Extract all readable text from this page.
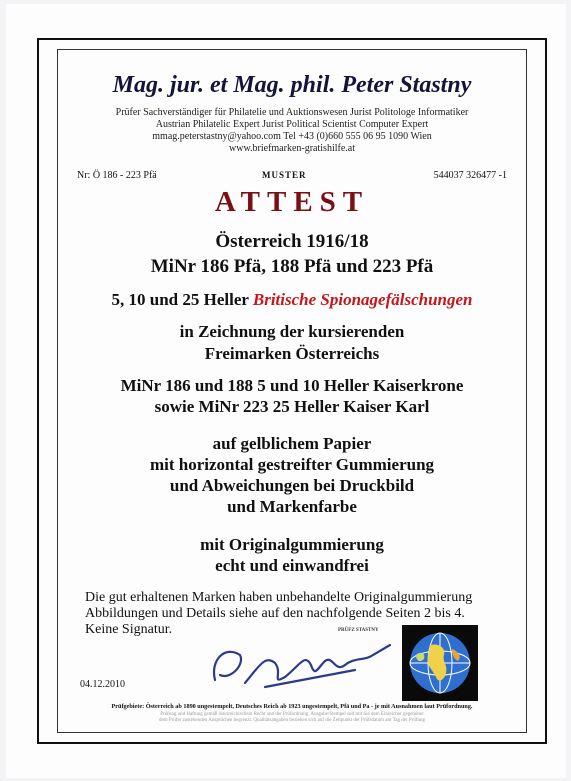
Mag. jur. et Mag. phil. Peter Stastny
Prüfer Sachverständiger für Philatelie und Auktionswesen Jurist Politologe Informatiker
Austrian Philatelic Expert Jurist Political Scientist Computer Expert
mmag.peterstastny@yahoo.com Tel +43 (0)660 555 06 95 1090 Wien
www.briefmarken-gratishilfe.at
Nr: Ö 186 - 223 Pfä	MUSTER	544037 326477 -1
ATTEST
Österreich 1916/18
MiNr 186 Pfä, 188 Pfä und 223 Pfä
5, 10 und 25 Heller Britische Spionagefälschungen
in Zeichnung der kursierenden
Freimarken Österreichs
MiNr 186 und 188 5 und 10 Heller Kaiserkrone
sowie MiNr 223 25 Heller Kaiser Karl
auf gelblichem Papier
mit horizontal gestreifter Gummierung
und Abweichungen bei Druckbild
und Markenfarbe
mit Originalgummierung
echt und einwandfrei
Die gut erhaltenen Marken haben unbehandelte Originalgummierung
Abbildungen und Details siehe auf den nachfolgende Seiten 2 bis 4.
Keine Signatur.
04.12.2010
PRÜFZ STASTNY
Prüfgebiete: Österreich ab 1890 ungestempelt, Deutsches Reich ab 1923 ungestempelt, Pfä und Pa - je mit Ausnahmen laut Prüfordnung.
Prüfung und Haftung gemäß österreichischem Recht und der Prüfordnung. Ausgabe/Stempel soll mit Sie dem Einreicher gegenüber
dem Prüfer zustehenden Ansprüchen begrenzt. Qualitätsangaben beziehen sich auf die Zeitpunkt der Prüfsdatum am Tag der Prüfung
